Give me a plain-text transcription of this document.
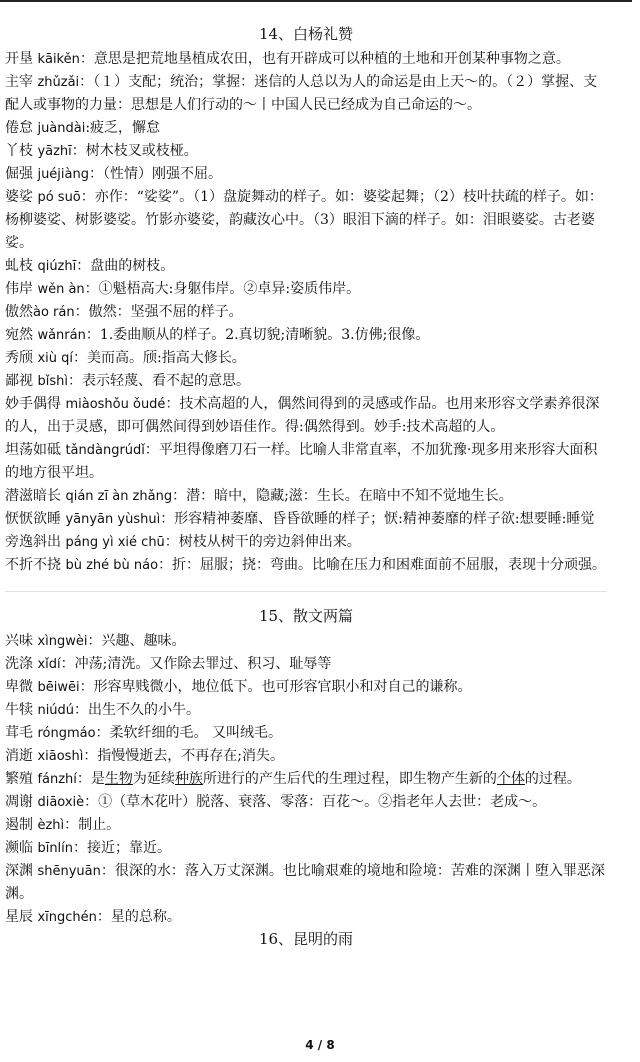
14、白杨礼赞

开垦 kāikěn：意思是把荒地垦植成农田，也有开辟成可以种植的土地和开创某种事物之意。

主宰 zhǔzǎi：（１）支配；统治；掌握：迷信的人总以为人的命运是由上天～的。（２）掌握、支配人或事物的力量：思想是人们行动的～丨中国人民已经成为自己命运的～。

倦怠 juàndài:疲乏，懈怠

丫枝 yāzhī：树木枝叉或枝桠。

倔强 juéjiàng：（性情）刚强不屈。

婆娑 pó suō：亦作：“娑娑”。（1）盘旋舞动的样子。如：婆娑起舞；（2）枝叶扶疏的样子。如：杨柳婆娑、树影婆娑。竹影亦婆娑，韵藏汝心中。（3）眼泪下滴的样子。如：泪眼婆娑。古老婆娑。

虬枝 qiúzhī：盘曲的树枝。

伟岸 wěn àn：①魁梧高大:身躯伟岸。②卓异:姿质伟岸。

傲然ào rán：傲然：坚强不屈的样子。

宛然 wǎnrán：1.委曲顺从的样子。2.真切貌;清晰貌。3.仿佛;很像。

秀颀 xiù qí：美而高。颀:指高大修长。

鄙视 bǐshì：表示轻蔑、看不起的意思。

妙手偶得 miàoshǒu ǒudé：技术高超的人，偶然间得到的灵感或作品。也用来形容文学素养很深的人，出于灵感，即可偶然间得到妙语佳作。得:偶然得到。妙手:技术高超的人。

坦荡如砥 tǎndàngrúdǐ：平坦得像磨刀石一样。比喻人非常直率，不加犹豫·现多用来形容大面积的地方很平坦。

潜滋暗长 qián zī àn zhǎng：潜：暗中，隐藏;滋：生长。在暗中不知不觉地生长。

恹恹欲睡 yānyān yùshuì：形容精神萎靡、昏昏欲睡的样子；恹:精神萎靡的样子欲:想要睡:睡觉

旁逸斜出 páng yì xié chū：树枝从树干的旁边斜伸出来。

不折不挠 bù zhé bù náo：折：屈服；挠：弯曲。比喻在压力和困难面前不屈服，表现十分顽强。

15、散文两篇

兴味 xìngwèi：兴趣、趣味。

洗涤 xǐdí：冲荡;清洗。又作除去罪过、积习、耻辱等

卑微 bēiwēi：形容卑贱微小，地位低下。也可形容官职小和对自己的谦称。

牛犊 niúdú：出生不久的小牛。

茸毛 róngmáo：柔软纤细的毛。 又叫绒毛。

消逝 xiāoshì：指慢慢逝去，不再存在;消失。

繁殖 fánzhí：是生物为延续种族所进行的产生后代的生理过程，即生物产生新的个体的过程。

凋谢 diāoxiè：①（草木花叶）脱落、衰落、零落：百花～。②指老年人去世：老成～。

遏制 èzhì：制止。

濒临 bīnlín：接近；靠近。

深渊 shēnyuān：很深的水：落入万丈深渊。也比喻艰难的境地和险境：苦难的深渊丨堕入罪恶深渊。

星辰 xīngchén：星的总称。

16、昆明的雨
4 / 8
